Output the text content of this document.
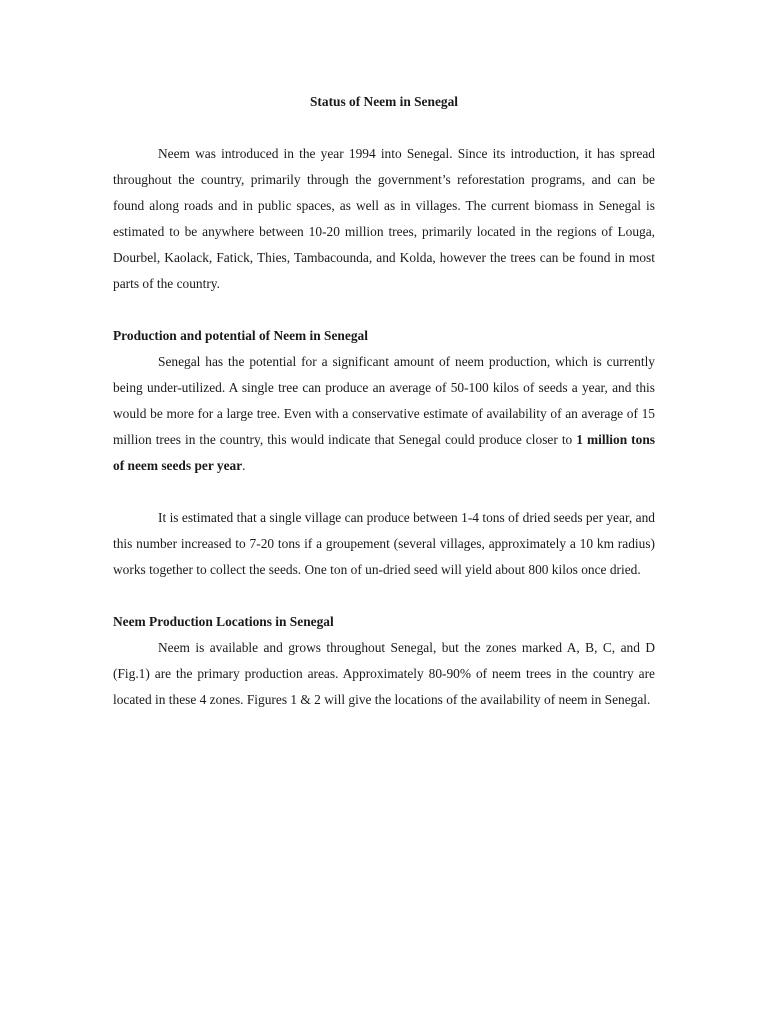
Status of Neem in Senegal

Neem was introduced in the year 1994 into Senegal. Since its introduction, it has spread throughout the country, primarily through the government’s reforestation programs, and can be found along roads and in public spaces, as well as in villages. The current biomass in Senegal is estimated to be anywhere between 10-20 million trees, primarily located in the regions of Louga, Dourbel, Kaolack, Fatick, Thies, Tambacounda, and Kolda, however the trees can be found in most parts of the country.

Production and potential of Neem in Senegal

Senegal has the potential for a significant amount of neem production, which is currently being under-utilized. A single tree can produce an average of 50-100 kilos of seeds a year, and this would be more for a large tree. Even with a conservative estimate of availability of an average of 15 million trees in the country, this would indicate that Senegal could produce closer to 1 million tons of neem seeds per year.

It is estimated that a single village can produce between 1-4 tons of dried seeds per year, and this number increased to 7-20 tons if a groupement (several villages, approximately a 10 km radius) works together to collect the seeds. One ton of un-dried seed will yield about 800 kilos once dried.

Neem Production Locations in Senegal

Neem is available and grows throughout Senegal, but the zones marked A, B, C, and D (Fig.1) are the primary production areas. Approximately 80-90% of neem trees in the country are located in these 4 zones. Figures 1 & 2 will give the locations of the availability of neem in Senegal.
